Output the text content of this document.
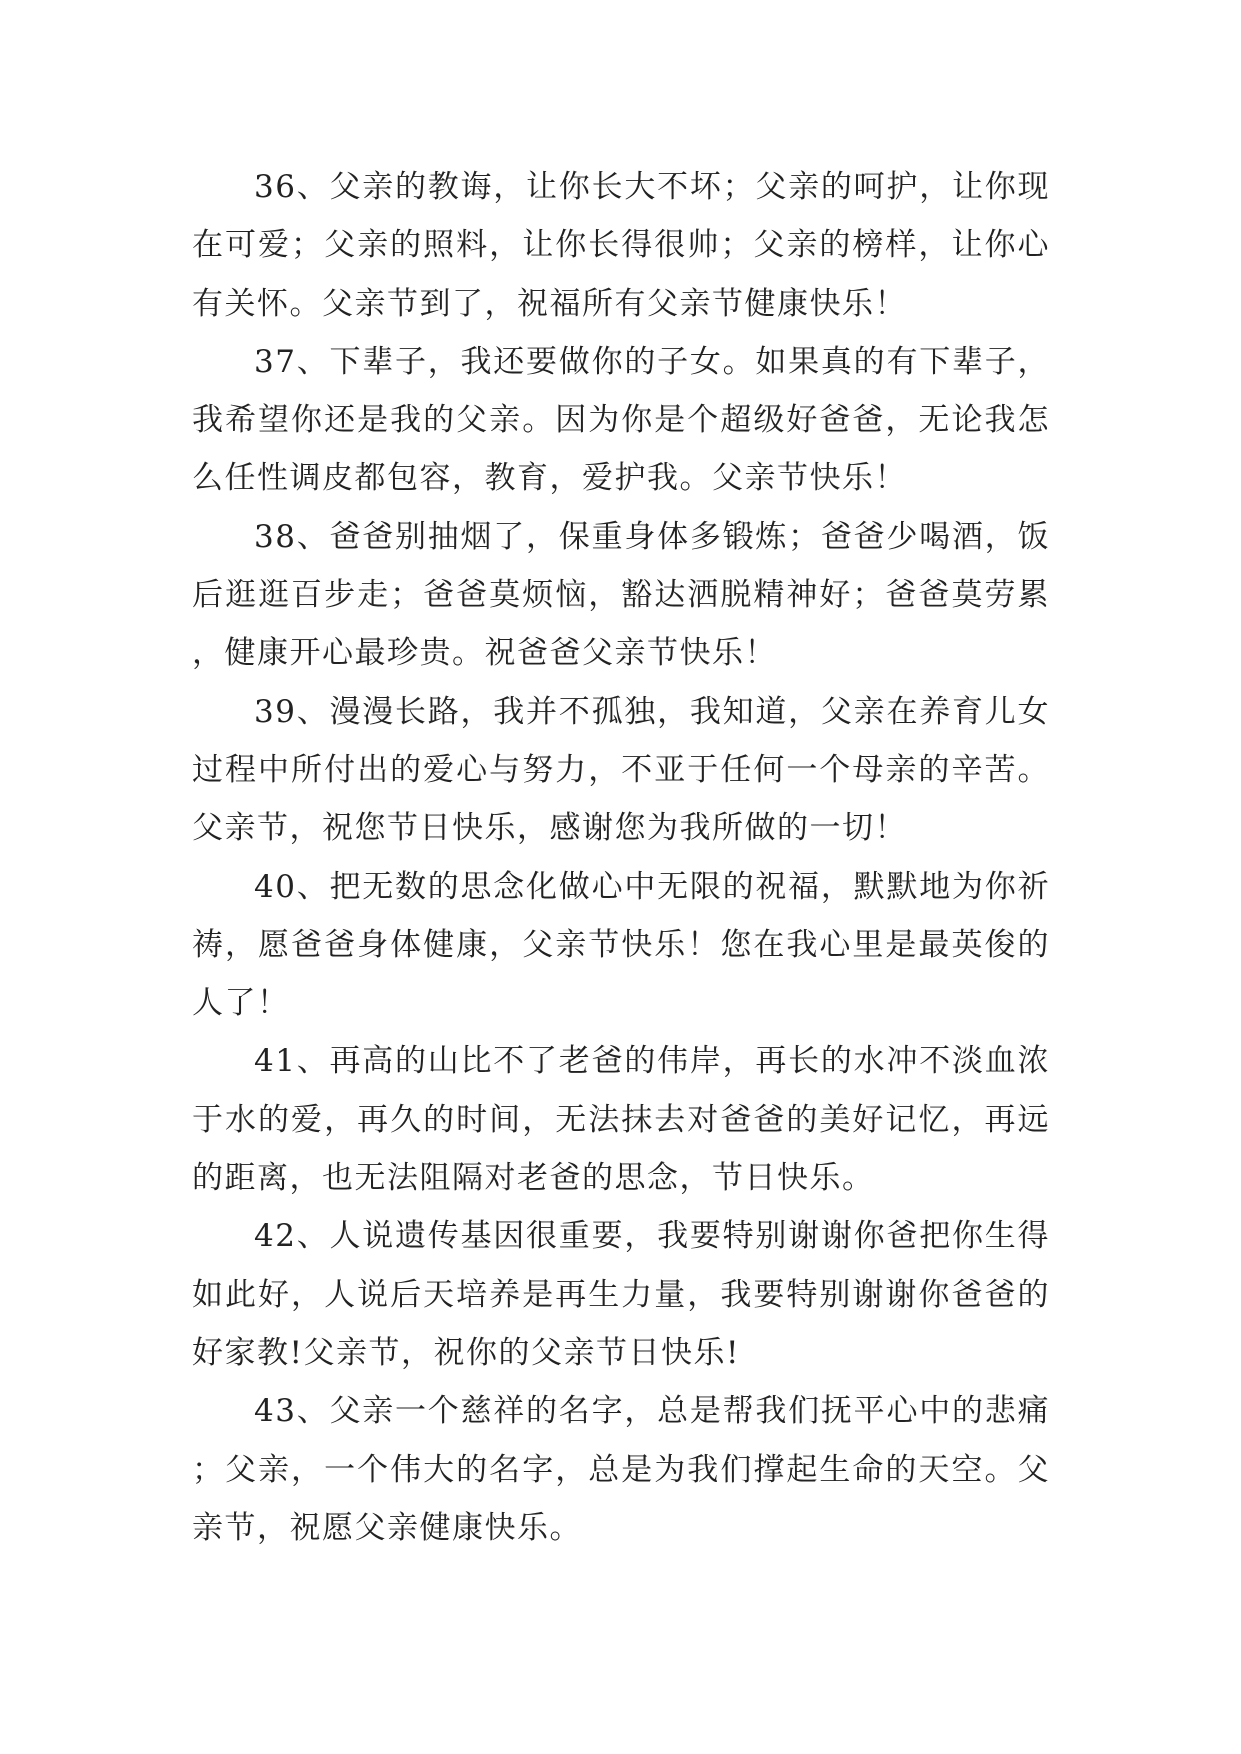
36、父亲的教诲，让你长大不坏；父亲的呵护，让你现在可爱；父亲的照料，让你长得很帅；父亲的榜样，让你心有关怀。父亲节到了，祝福所有父亲节健康快乐！

37、下辈子，我还要做你的子女。如果真的有下辈子，我希望你还是我的父亲。因为你是个超级好爸爸，无论我怎么任性调皮都包容，教育，爱护我。父亲节快乐！

38、爸爸别抽烟了，保重身体多锻炼；爸爸少喝酒，饭后逛逛百步走；爸爸莫烦恼，豁达洒脱精神好；爸爸莫劳累，健康开心最珍贵。祝爸爸父亲节快乐！

39、漫漫长路，我并不孤独，我知道，父亲在养育儿女过程中所付出的爱心与努力，不亚于任何一个母亲的辛苦。父亲节，祝您节日快乐，感谢您为我所做的一切！

40、把无数的思念化做心中无限的祝福，默默地为你祈祷，愿爸爸身体健康，父亲节快乐！您在我心里是最英俊的人了！

41、再高的山比不了老爸的伟岸，再长的水冲不淡血浓于水的爱，再久的时间，无法抹去对爸爸的美好记忆，再远的距离，也无法阻隔对老爸的思念，节日快乐。

42、人说遗传基因很重要，我要特别谢谢你爸把你生得如此好，人说后天培养是再生力量，我要特别谢谢你爸爸的好家教!父亲节，祝你的父亲节日快乐!

43、父亲一个慈祥的名字，总是帮我们抚平心中的悲痛；父亲，一个伟大的名字，总是为我们撑起生命的天空。父亲节，祝愿父亲健康快乐。
